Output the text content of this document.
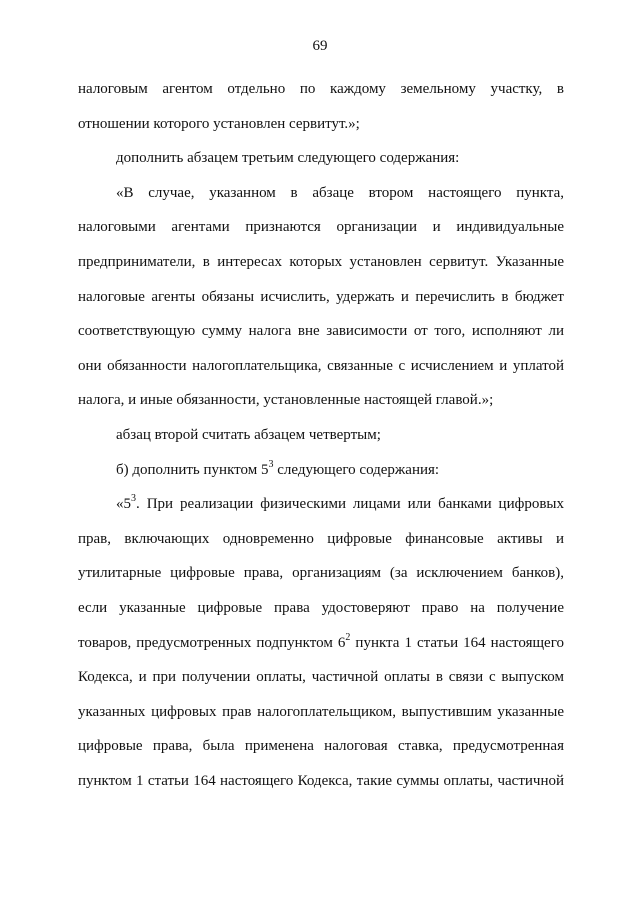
69
налоговым агентом отдельно по каждому земельному участку, в
отношении которого установлен сервитут.»;
дополнить абзацем третьим следующего содержания:
«В случае, указанном в абзаце втором настоящего пункта,
налоговыми агентами признаются организации и индивидуальные
предприниматели, в интересах которых установлен сервитут. Указанные
налоговые агенты обязаны исчислить, удержать и перечислить в бюджет
соответствующую сумму налога вне зависимости от того, исполняют ли
они обязанности налогоплательщика, связанные с исчислением и уплатой
налога, и иные обязанности, установленные настоящей главой.»;
абзац второй считать абзацем четвертым;
б) дополнить пунктом $5^3$ следующего содержания:
«$5^3$. При реализации физическими лицами или банками цифровых
прав, включающих одновременно цифровые финансовые активы и
утилитарные цифровые права, организациям (за исключением банков),
если указанные цифровые права удостоверяют право на получение
товаров, предусмотренных подпунктом $6^2$ пункта 1 статьи 164 настоящего
Кодекса, и при получении оплаты, частичной оплаты в связи с выпуском
указанных цифровых прав налогоплательщиком, выпустившим указанные
цифровые права, была применена налоговая ставка, предусмотренная
пунктом 1 статьи 164 настоящего Кодекса, такие суммы оплаты, частичной
